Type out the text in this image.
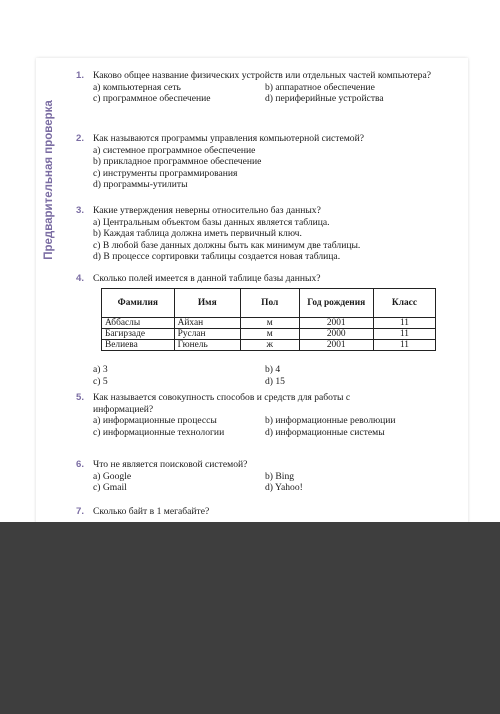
Предварительная проверка
1. Каково общее название физических устройств или отдельных частей компьютера?
a) компьютерная сеть	b) аппаратное обеспечение
c) программное обеспечение	d) периферийные устройства
2. Как называются программы управления компьютерной системой?
a) системное программное обеспечение
b) прикладное программное обеспечение
c) инструменты программирования
d) программы-утилиты
3. Какие утверждения неверны относительно баз данных?
a) Центральным объектом базы данных является таблица.
b) Каждая таблица должна иметь первичный ключ.
c) В любой базе данных должны быть как минимум две таблицы.
d) В процессе сортировки таблицы создается новая таблица.
4. Сколько полей имеется в данной таблице базы данных?
Фамилия	Имя	Пол	Год рождения	Класс
Аббаслы	Айхан	м	2001	11
Багирзаде	Руслан	м	2000	11
Велиева	Гюнель	ж	2001	11
a) 3	b) 4
c) 5	d) 15
5. Как называется совокупность способов и средств для работы с информацией?
a) информационные процессы	b) информационные революции
c) информационные технологии	d) информационные системы
6. Что не является поисковой системой?
a) Google	b) Bing
c) Gmail	d) Yahoo!
7. Сколько байт в 1 мегабайте?
